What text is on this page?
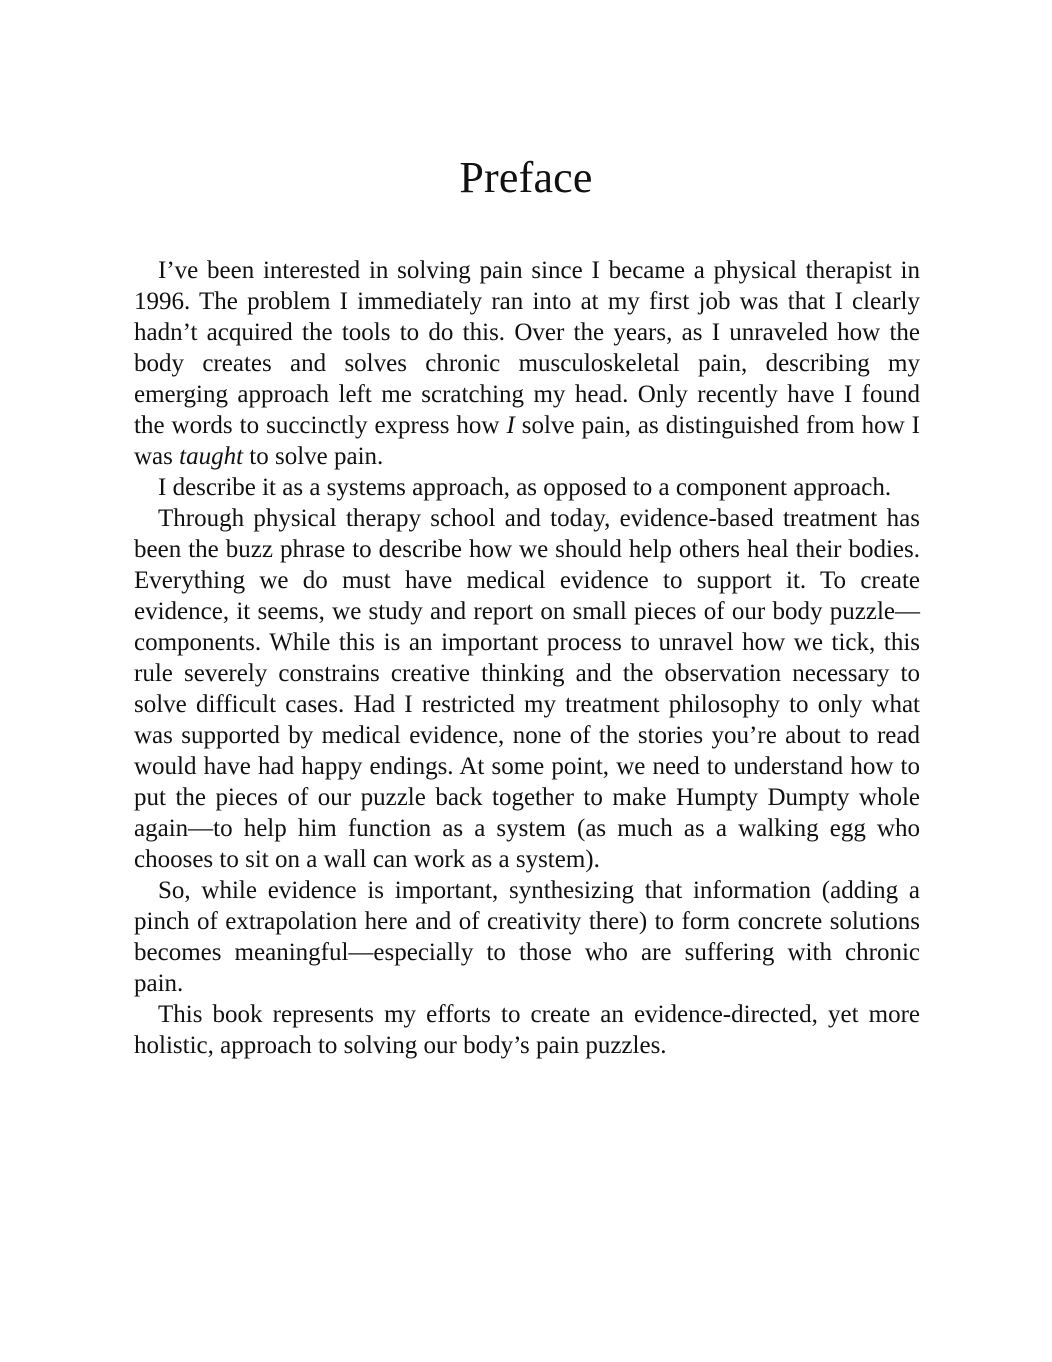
Preface

I’ve been interested in solving pain since I became a physical therapist in 1996. The problem I immediately ran into at my first job was that I clearly hadn’t acquired the tools to do this. Over the years, as I unraveled how the body creates and solves chronic musculoskeletal pain, describing my emerging approach left me scratching my head. Only recently have I found the words to succinctly express how I solve pain, as distinguished from how I was taught to solve pain.

I describe it as a systems approach, as opposed to a component approach.

Through physical therapy school and today, evidence-based treatment has been the buzz phrase to describe how we should help others heal their bodies. Everything we do must have medical evidence to support it. To create evidence, it seems, we study and report on small pieces of our body puzzle—components. While this is an important process to unravel how we tick, this rule severely constrains creative thinking and the observation necessary to solve difficult cases. Had I restricted my treatment philosophy to only what was supported by medical evidence, none of the stories you’re about to read would have had happy endings. At some point, we need to understand how to put the pieces of our puzzle back together to make Humpty Dumpty whole again—to help him function as a system (as much as a walking egg who chooses to sit on a wall can work as a system).

So, while evidence is important, synthesizing that information (adding a pinch of extrapolation here and of creativity there) to form concrete solutions becomes meaningful—especially to those who are suffering with chronic pain.

This book represents my efforts to create an evidence-directed, yet more holistic, approach to solving our body’s pain puzzles.
